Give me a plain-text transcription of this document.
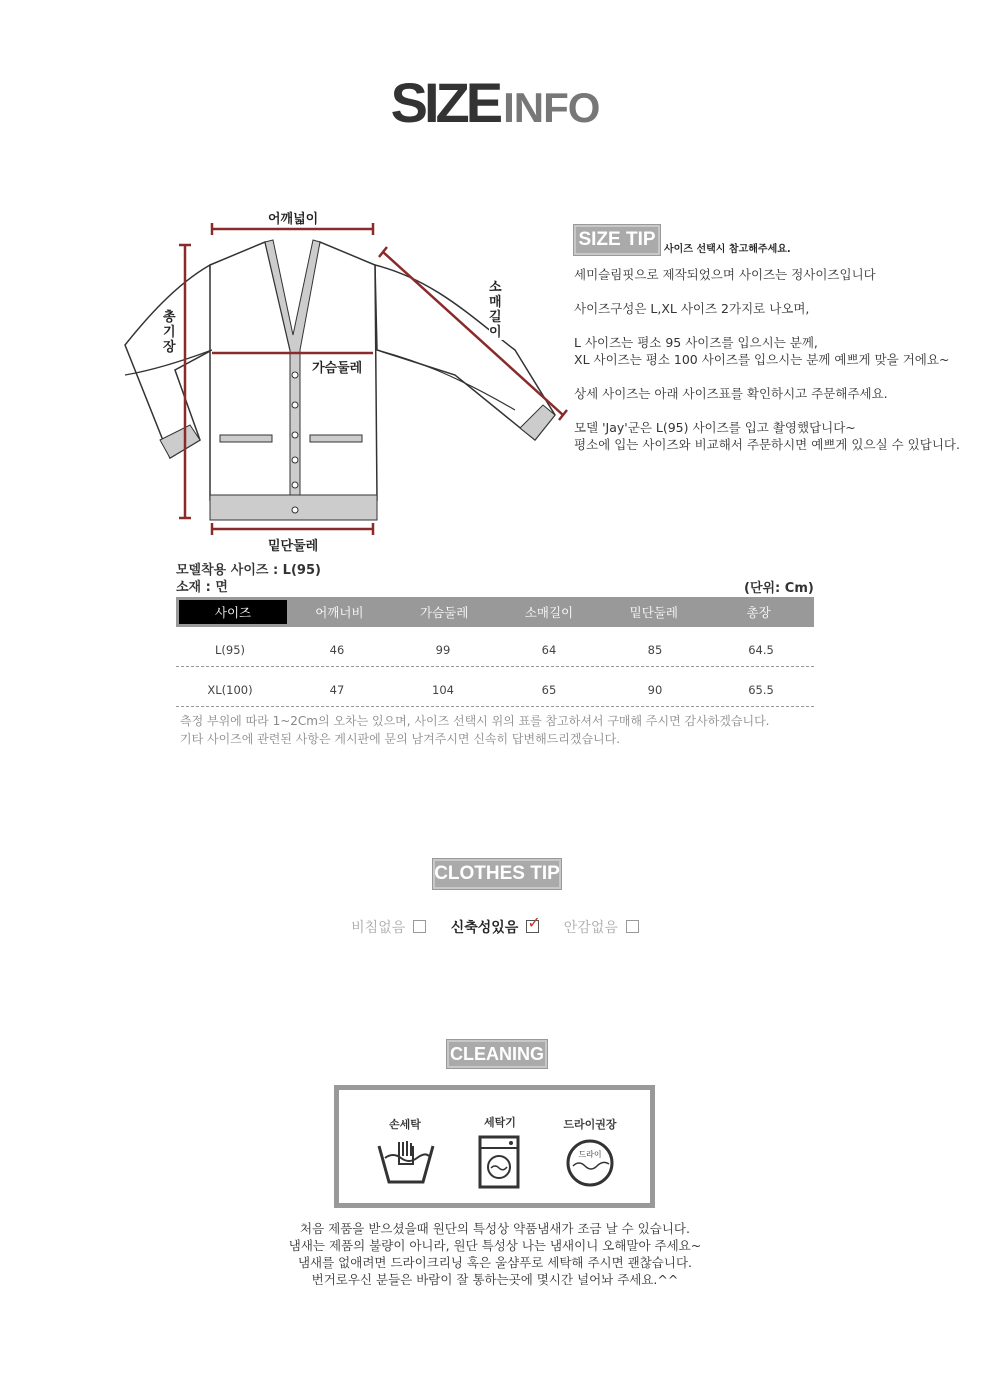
SIZEINFO
어깨넓이
총기장
소매길이
가슴둘레
밑단둘레
SIZE TIP 사이즈 선택시 참고해주세요.

세미슬림핏으로 제작되었으며 사이즈는 정사이즈입니다

사이즈구성은 L,XL 사이즈 2가지로 나오며,

L 사이즈는 평소 95 사이즈를 입으시는 분께,

XL 사이즈는 평소 100 사이즈를 입으시는 분께 예쁘게 맞을 거에요~

상세 사이즈는 아래 사이즈표를 확인하시고 주문해주세요.

모델 'Jay'군은 L(95) 사이즈를 입고 촬영했답니다~

평소에 입는 사이즈와 비교해서 주문하시면 예쁘게 있으실 수 있답니다.

모델착용 사이즈 : L(95)
소재 : 면	(단위: Cm)
사이즈	어깨너비	가슴둘레	소매길이	밑단둘레	총장
L(95)	46	99	64	85	64.5
XL(100)	47	104	65	90	65.5

측정 부위에 따라 1~2Cm의 오차는 있으며, 사이즈 선택시 위의 표를 참고하셔서 구매해 주시면 감사하겠습니다.

기타 사이즈에 관련된 사항은 게시판에 문의 남겨주시면 신속히 답변해드리겠습니다.

CLOTHES TIP
비침없음	신축성있음 ✓ 안감없음
CLEANING
손세탁	세탁기	드라이권장
드라이

처음 제품을 받으셨을때 원단의 특성상 약품냄새가 조금 날 수 있습니다.

냄새는 제품의 불량이 아니라, 원단 특성상 나는 냄새이니 오해말아 주세요~

냄새를 없애려면 드라이크리닝 혹은 울샴푸로 세탁해 주시면 괜찮습니다.

번거로우신 분들은 바람이 잘 통하는곳에 몇시간 널어놔 주세요.^^
